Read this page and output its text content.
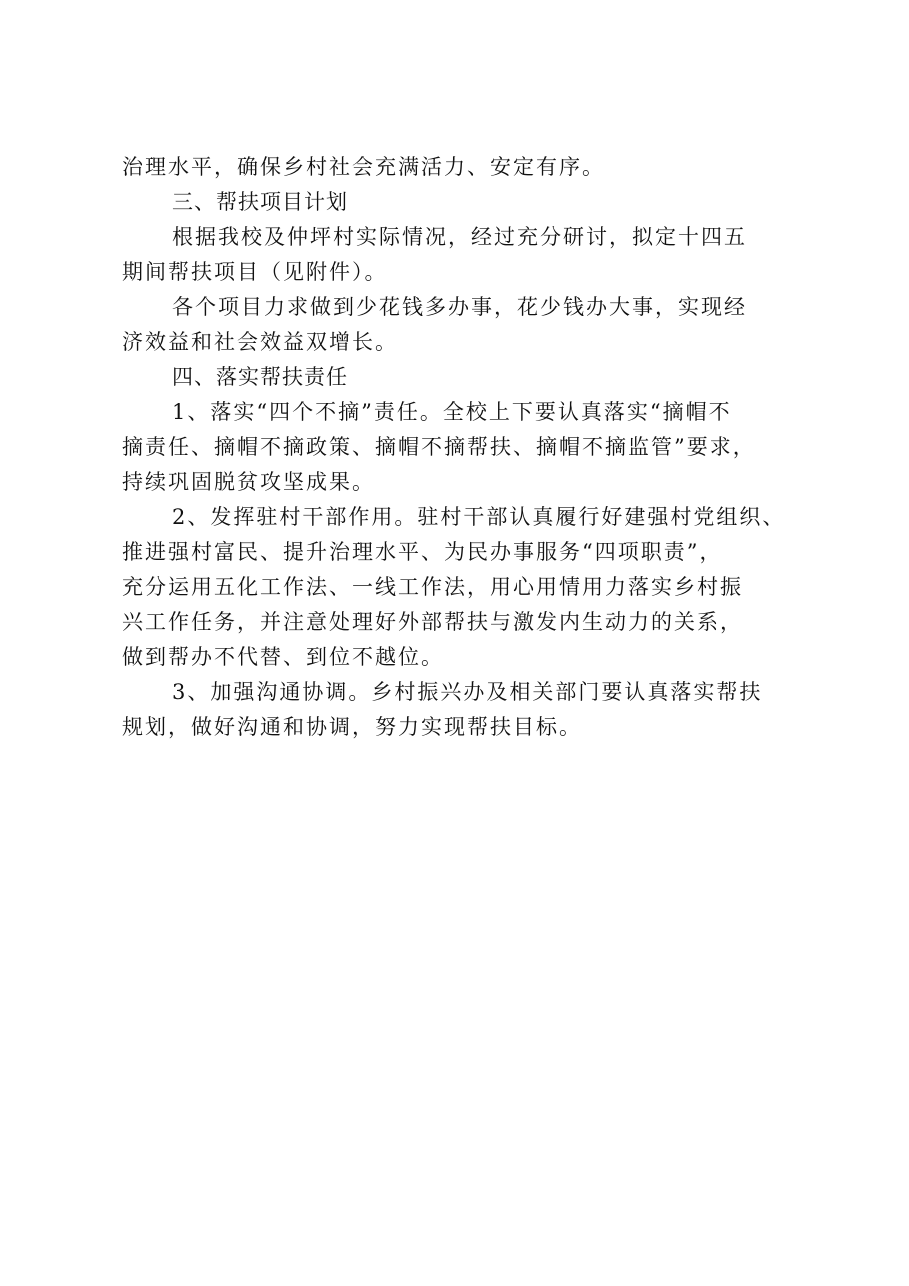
治理水平，确保乡村社会充满活力、安定有序。
三、帮扶项目计划
根据我校及仲坪村实际情况，经过充分研讨，拟定十四五
期间帮扶项目（见附件）。
各个项目力求做到少花钱多办事，花少钱办大事，实现经
济效益和社会效益双增长。
四、落实帮扶责任
1、落实“四个不摘”责任。全校上下要认真落实“摘帽不
摘责任、摘帽不摘政策、摘帽不摘帮扶、摘帽不摘监管”要求，
持续巩固脱贫攻坚成果。
2、发挥驻村干部作用。驻村干部认真履行好建强村党组织、
推进强村富民、提升治理水平、为民办事服务“四项职责”，
充分运用五化工作法、一线工作法，用心用情用力落实乡村振
兴工作任务，并注意处理好外部帮扶与激发内生动力的关系，
做到帮办不代替、到位不越位。
3、加强沟通协调。乡村振兴办及相关部门要认真落实帮扶
规划，做好沟通和协调，努力实现帮扶目标。
